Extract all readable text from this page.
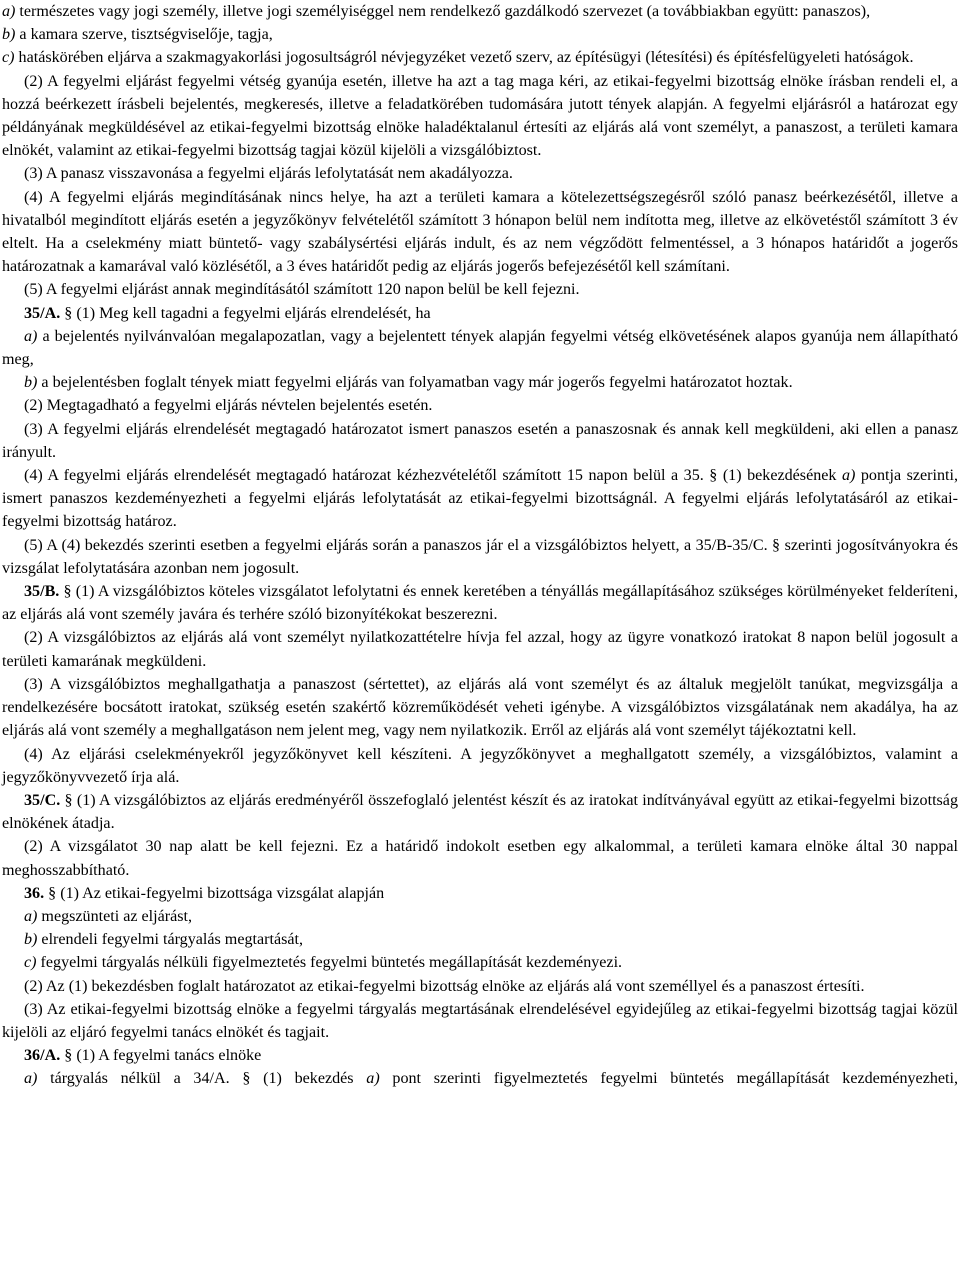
a) természetes vagy jogi személy, illetve jogi személyiséggel nem rendelkező gazdálkodó szervezet (a továbbiakban együtt: panaszos),

b) a kamara szerve, tisztségviselője, tagja,

c) hatáskörében eljárva a szakmagyakorlási jogosultságról névjegyzéket vezető szerv, az építésügyi (létesítési) és építésfelügyeleti hatóságok.

(2) A fegyelmi eljárást fegyelmi vétség gyanúja esetén, illetve ha azt a tag maga kéri, az etikai-fegyelmi bizottság elnöke írásban rendeli el, a hozzá beérkezett írásbeli bejelentés, megkeresés, illetve a feladatkörében tudomására jutott tények alapján. A fegyelmi eljárásról a határozat egy példányának megküldésével az etikai-fegyelmi bizottság elnöke haladéktalanul értesíti az eljárás alá vont személyt, a panaszost, a területi kamara elnökét, valamint az etikai-fegyelmi bizottság tagjai közül kijelöli a vizsgálóbiztost.

(3) A panasz visszavonása a fegyelmi eljárás lefolytatását nem akadályozza.

(4) A fegyelmi eljárás megindításának nincs helye, ha azt a területi kamara a kötelezettségszegésről szóló panasz beérkezésétől, illetve a hivatalból megindított eljárás esetén a jegyzőkönyv felvételétől számított 3 hónapon belül nem indította meg, illetve az elkövetéstől számított 3 év eltelt. Ha a cselekmény miatt büntető- vagy szabálysértési eljárás indult, és az nem végződött felmentéssel, a 3 hónapos határidőt a jogerős határozatnak a kamarával való közlésétől, a 3 éves határidőt pedig az eljárás jogerős befejezésétől kell számítani.

(5) A fegyelmi eljárást annak megindításától számított 120 napon belül be kell fejezni.

35/A. § (1) Meg kell tagadni a fegyelmi eljárás elrendelését, ha

a) a bejelentés nyilvánvalóan megalapozatlan, vagy a bejelentett tények alapján fegyelmi vétség elkövetésének alapos gyanúja nem állapítható meg,

b) a bejelentésben foglalt tények miatt fegyelmi eljárás van folyamatban vagy már jogerős fegyelmi határozatot hoztak.

(2) Megtagadható a fegyelmi eljárás névtelen bejelentés esetén.

(3) A fegyelmi eljárás elrendelését megtagadó határozatot ismert panaszos esetén a panaszosnak és annak kell megküldeni, aki ellen a panasz irányult.

(4) A fegyelmi eljárás elrendelését megtagadó határozat kézhezvételétől számított 15 napon belül a 35. § (1) bekezdésének a) pontja szerinti, ismert panaszos kezdeményezheti a fegyelmi eljárás lefolytatását az etikai-fegyelmi bizottságnál. A fegyelmi eljárás lefolytatásáról az etikai-fegyelmi bizottság határoz.

(5) A (4) bekezdés szerinti esetben a fegyelmi eljárás során a panaszos jár el a vizsgálóbiztos helyett, a 35/B-35/C. § szerinti jogosítványokra és vizsgálat lefolytatására azonban nem jogosult.

35/B. § (1) A vizsgálóbiztos köteles vizsgálatot lefolytatni és ennek keretében a tényállás megállapításához szükséges körülményeket felderíteni, az eljárás alá vont személy javára és terhére szóló bizonyítékokat beszerezni.

(2) A vizsgálóbiztos az eljárás alá vont személyt nyilatkozattételre hívja fel azzal, hogy az ügyre vonatkozó iratokat 8 napon belül jogosult a területi kamarának megküldeni.

(3) A vizsgálóbiztos meghallgathatja a panaszost (sértettet), az eljárás alá vont személyt és az általuk megjelölt tanúkat, megvizsgálja a rendelkezésére bocsátott iratokat, szükség esetén szakértő közreműködését veheti igénybe. A vizsgálóbiztos vizsgálatának nem akadálya, ha az eljárás alá vont személy a meghallgatáson nem jelent meg, vagy nem nyilatkozik. Erről az eljárás alá vont személyt tájékoztatni kell.

(4) Az eljárási cselekményekről jegyzőkönyvet kell készíteni. A jegyzőkönyvet a meghallgatott személy, a vizsgálóbiztos, valamint a jegyzőkönyvvezető írja alá.

35/C. § (1) A vizsgálóbiztos az eljárás eredményéről összefoglaló jelentést készít és az iratokat indítványával együtt az etikai-fegyelmi bizottság elnökének átadja.

(2) A vizsgálatot 30 nap alatt be kell fejezni. Ez a határidő indokolt esetben egy alkalommal, a területi kamara elnöke által 30 nappal meghosszabbítható.

36. § (1) Az etikai-fegyelmi bizottsága vizsgálat alapján

a) megszünteti az eljárást,

b) elrendeli fegyelmi tárgyalás megtartását,

c) fegyelmi tárgyalás nélküli figyelmeztetés fegyelmi büntetés megállapítását kezdeményezi.

(2) Az (1) bekezdésben foglalt határozatot az etikai-fegyelmi bizottság elnöke az eljárás alá vont személlyel és a panaszost értesíti.

(3) Az etikai-fegyelmi bizottság elnöke a fegyelmi tárgyalás megtartásának elrendelésével egyidejűleg az etikai-fegyelmi bizottság tagjai közül kijelöli az eljáró fegyelmi tanács elnökét és tagjait.

36/A. § (1) A fegyelmi tanács elnöke

a) tárgyalás nélkül a 34/A. § (1) bekezdés a) pont szerinti figyelmeztetés fegyelmi büntetés megállapítását kezdeményezheti,
